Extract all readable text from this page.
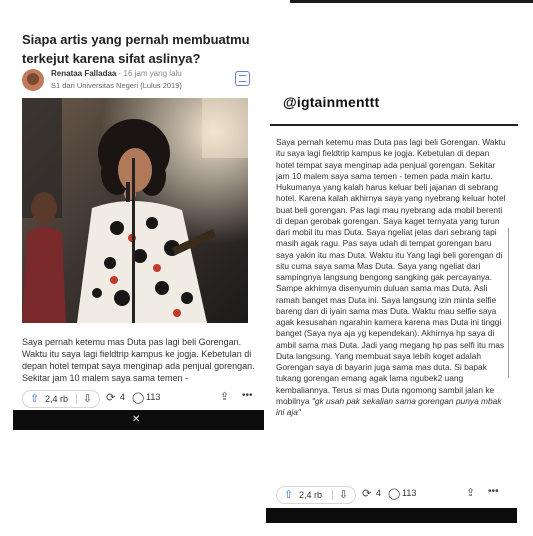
Siapa artis yang pernah membuatmu terkejut karena sifat aslinya?
Renataa Falladaa · 16 jam yang lalu
S1 dari Universitas Negeri (Lulus 2019)
Saya pernah ketemu mas Duta pas lagi beli Gorengan. Waktu itu saya lagi fieldtrip kampus ke jogja. Kebetulan di depan hotel tempat saya menginap ada penjual gorengan. Sekitar jam 10 malem saya sama temen -
⇧ 2,4 rb ⇩ ⟳ 4 ◯ 113	⇪ •••
✕
@igtainmenttt
Saya pernah ketemu mas Duta pas lagi beli Gorengan. Waktu itu saya lagi fieldtrip kampus ke jogja. Kebetulan di depan hotel tempat saya menginap ada penjual gorengan. Sekitar jam 10 malem saya sama temen - temen pada main kartu. Hukumanya yang kalah harus keluar beli jajanan di sebrang hotel. Karena kalah akhirnya saya yang nyebrang keluar hotel buat beli gorengan. Pas lagi mau nyebrang ada mobil berenti di depan gerobak gorengan. Saya kaget ternyata yang turun dari mobil itu mas Duta. Saya ngeliat jelas dari sebrang tapi masih agak ragu. Pas saya udah di tempat gorengan baru saya yakin itu mas Duta. Waktu itu Yang lagi beli gorengan di situ cuma saya sama Mas Duta. Saya yang ngeliat dari sampingnya langsung bengong sangking gak percayanya. Sampe akhirnya disenyumin duluan sama mas Duta. Asli ramah banget mas Duta ini. Saya langsung izin minta selfie bareng dan di iyain sama mas Duta. Waktu mau selfie saya agak kesusahan ngarahin kamera karena mas Duta ini tinggi banget (Saya nya aja yg kependekan). Akhirnya hp saya di ambil sama mas Duta. Jadi yang megang hp pas selfi itu mas Duta langsung. Yang membuat saya lebih koget adalah Gorengan saya di bayarin juga sama mas duta. Si bapak tukang gorengan emang agak lama ngubek2 uang kembaliannya. Terus si mas Duta ngomong sambil jalan ke mobilnya "gk usah pak sekalian sama gorengan punya mbak ini aja"
⇧ 2,4 rb ⇩ ⟳ 4 ◯ 113	⇪ •••
